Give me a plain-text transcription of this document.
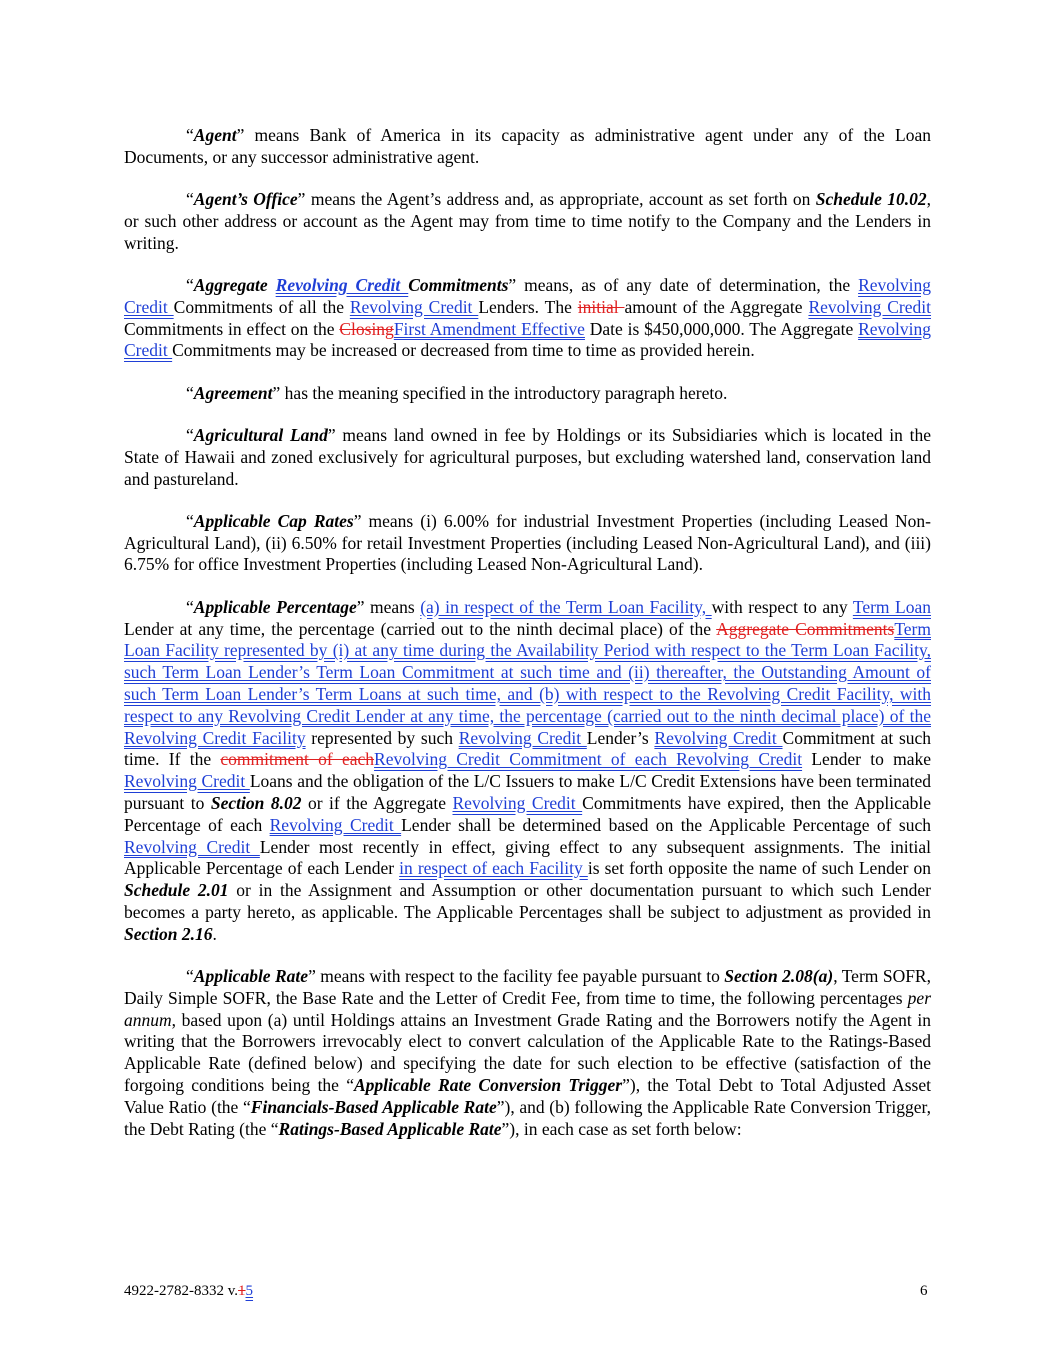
“Agent” means Bank of America in its capacity as administrative agent under any of the Loan Documents, or any successor administrative agent.

“Agent’s Office” means the Agent’s address and, as appropriate, account as set forth on Schedule 10.02, or such other address or account as the Agent may from time to time notify to the Company and the Lenders in writing.

“Aggregate Revolving Credit Commitments” means, as of any date of determination, the Revolving Credit Commitments of all the Revolving Credit Lenders. The initial amount of the Aggregate Revolving Credit Commitments in effect on the ClosingFirst Amendment Effective Date is $450,000,000. The Aggregate Revolving Credit Commitments may be increased or decreased from time to time as provided herein.

“Agreement” has the meaning specified in the introductory paragraph hereto.

“Agricultural Land” means land owned in fee by Holdings or its Subsidiaries which is located in the State of Hawaii and zoned exclusively for agricultural purposes, but excluding watershed land, conservation land and pastureland.

“Applicable Cap Rates” means (i) 6.00% for industrial Investment Properties (including Leased Non-Agricultural Land), (ii) 6.50% for retail Investment Properties (including Leased Non-Agricultural Land), and (iii) 6.75% for office Investment Properties (including Leased Non-Agricultural Land).

“Applicable Percentage” means (a) in respect of the Term Loan Facility, with respect to any Term Loan Lender at any time, the percentage (carried out to the ninth decimal place) of the Aggregate CommitmentsTerm Loan Facility represented by (i) at any time during the Availability Period with respect to the Term Loan Facility, such Term Loan Lender’s Term Loan Commitment at such time and (ii) thereafter, the Outstanding Amount of such Term Loan Lender’s Term Loans at such time, and (b) with respect to the Revolving Credit Facility, with respect to any Revolving Credit Lender at any time, the percentage (carried out to the ninth decimal place) of the Revolving Credit Facility represented by such Revolving Credit Lender’s Revolving Credit Commitment at such time. If the commitment of eachRevolving Credit Commitment of each Revolving Credit Lender to make Revolving Credit Loans and the obligation of the L/C Issuers to make L/C Credit Extensions have been terminated pursuant to Section 8.02 or if the Aggregate Revolving Credit Commitments have expired, then the Applicable Percentage of each Revolving Credit Lender shall be determined based on the Applicable Percentage of such Revolving Credit Lender most recently in effect, giving effect to any subsequent assignments. The initial Applicable Percentage of each Lender in respect of each Facility is set forth opposite the name of such Lender on Schedule 2.01 or in the Assignment and Assumption or other documentation pursuant to which such Lender becomes a party hereto, as applicable. The Applicable Percentages shall be subject to adjustment as provided in Section 2.16.

“Applicable Rate” means with respect to the facility fee payable pursuant to Section 2.08(a), Term SOFR, Daily Simple SOFR, the Base Rate and the Letter of Credit Fee, from time to time, the following percentages per annum, based upon (a) until Holdings attains an Investment Grade Rating and the Borrowers notify the Agent in writing that the Borrowers irrevocably elect to convert calculation of the Applicable Rate to the Ratings-Based Applicable Rate (defined below) and specifying the date for such election to be effective (satisfaction of the forgoing conditions being the “Applicable Rate Conversion Trigger”), the Total Debt to Total Adjusted Asset Value Ratio (the “Financials-Based Applicable Rate”), and (b) following the Applicable Rate Conversion Trigger, the Debt Rating (the “Ratings-Based Applicable Rate”), in each case as set forth below:

4922-2782-8332 v.15	6
